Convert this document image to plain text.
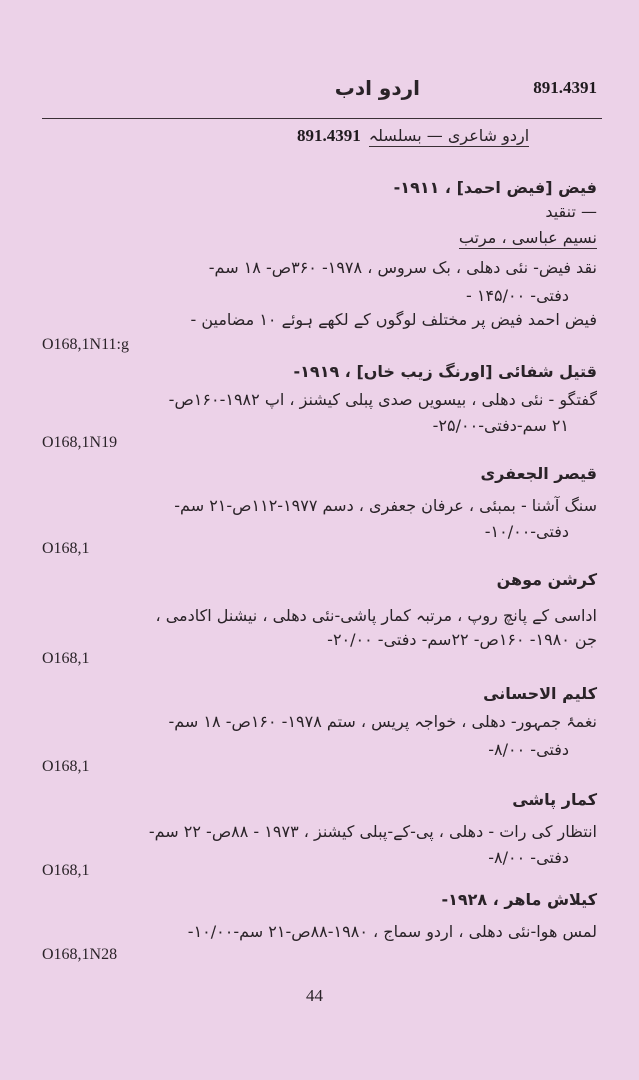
891.4391
اردو ادب
891.4391 اردو شاعری — بسلسلہ
فیض [فیض احمد] ، ۱۹۱۱-
— تنقید
نسیم عباسی ، مرتب
نقد فیض- نئی دھلی ، بک سروس ، ۱۹۷۸- ۳۶۰ص- ۱۸ سم-
دفتی- ۱۴۵/۰۰ -
فیض احمد فیض پر مختلف لوگوں کے لکھے ہوئے ۱۰ مضامین -
O168,1N11:g
قتیل شفائی [اورنگ زیب خاں] ، ۱۹۱۹-
گفتگو - نئی دھلی ، بیسویں صدی پبلی کیشنز ، اپ ۱۹۸۲-۱۶۰ص-
۲۱ سم-دفتی-۲۵/۰۰-
O168,1N19
قیصر الجعفری
سنگ آشنا - بمبئی ، عرفان جعفری ، دسم ۱۹۷۷-۱۱۲ص-۲۱ سم-
دفتی-۱۰/۰۰-
O168,1
کرشن موھن
اداسی کے پانچ روپ ، مرتبہ کمار پاشی-نئی دھلی ، نیشنل اکادمی ،
جن ۱۹۸۰- ۱۶۰ص- ۲۲سم- دفتی- ۲۰/۰۰-
O168,1
کلیم الاحسانی
نغمۂ جمہور- دھلی ، خواجہ پریس ، ستم ۱۹۷۸- ۱۶۰ص- ۱۸ سم-
دفتی- ۸/۰۰-
O168,1
کمار پاشی
انتظار کی رات - دھلی ، پی-کے-پبلی کیشنز ، ۱۹۷۳ - ۸۸ص- ۲۲ سم-
دفتی- ۸/۰۰-
O168,1
کیلاش ماھر ، ۱۹۲۸-
لمس ھوا-نئی دھلی ، اردو سماج ، ۱۹۸۰-۸۸ص-۲۱ سم-۱۰/۰۰-
O168,1N28
44
